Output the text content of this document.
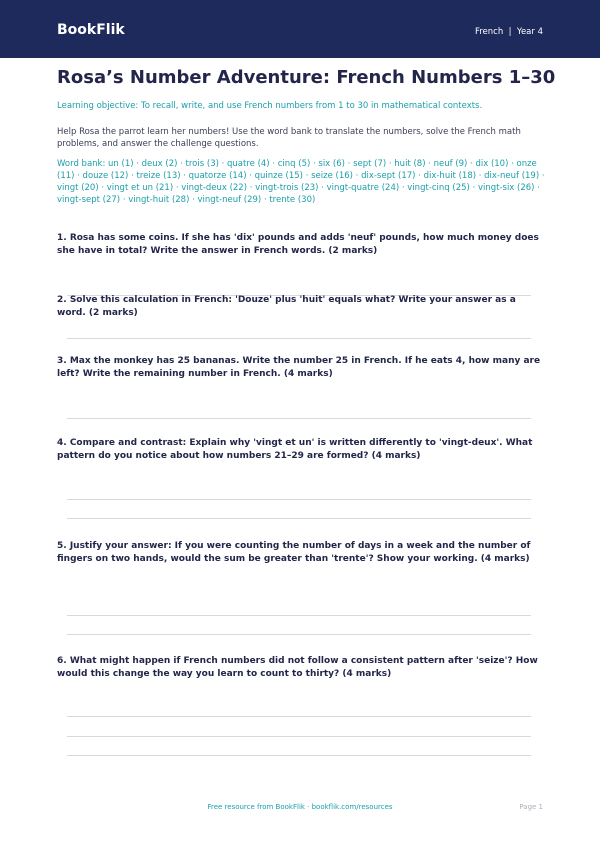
BookFlik	French  |  Year 4
Rosa’s Number Adventure: French Numbers 1–30
Learning objective: To recall, write, and use French numbers from 1 to 30 in mathematical contexts.
Help Rosa the parrot learn her numbers! Use the word bank to translate the numbers, solve the French math problems, and answer the challenge questions.
Word bank: un (1) · deux (2) · trois (3) · quatre (4) · cinq (5) · six (6) · sept (7) · huit (8) · neuf (9) · dix (10) · onze (11) · douze (12) · treize (13) · quatorze (14) · quinze (15) · seize (16) · dix-sept (17) · dix-huit (18) · dix-neuf (19) · vingt (20) · vingt et un (21) · vingt-deux (22) · vingt-trois (23) · vingt-quatre (24) · vingt-cinq (25) · vingt-six (26) · vingt-sept (27) · vingt-huit (28) · vingt-neuf (29) · trente (30)
1. Rosa has some coins. If she has 'dix' pounds and adds 'neuf' pounds, how much money does she have in total? Write the answer in French words. (2 marks)
2. Solve this calculation in French: 'Douze' plus 'huit' equals what? Write your answer as a word. (2 marks)
3. Max the monkey has 25 bananas. Write the number 25 in French. If he eats 4, how many are left? Write the remaining number in French. (4 marks)
4. Compare and contrast: Explain why 'vingt et un' is written differently to 'vingt-deux'. What pattern do you notice about how numbers 21–29 are formed? (4 marks)
5. Justify your answer: If you were counting the number of days in a week and the number of fingers on two hands, would the sum be greater than 'trente'? Show your working. (4 marks)
6. What might happen if French numbers did not follow a consistent pattern after 'seize'? How would this change the way you learn to count to thirty? (4 marks)
Free resource from BookFlik · bookflik.com/resources	Page 1
